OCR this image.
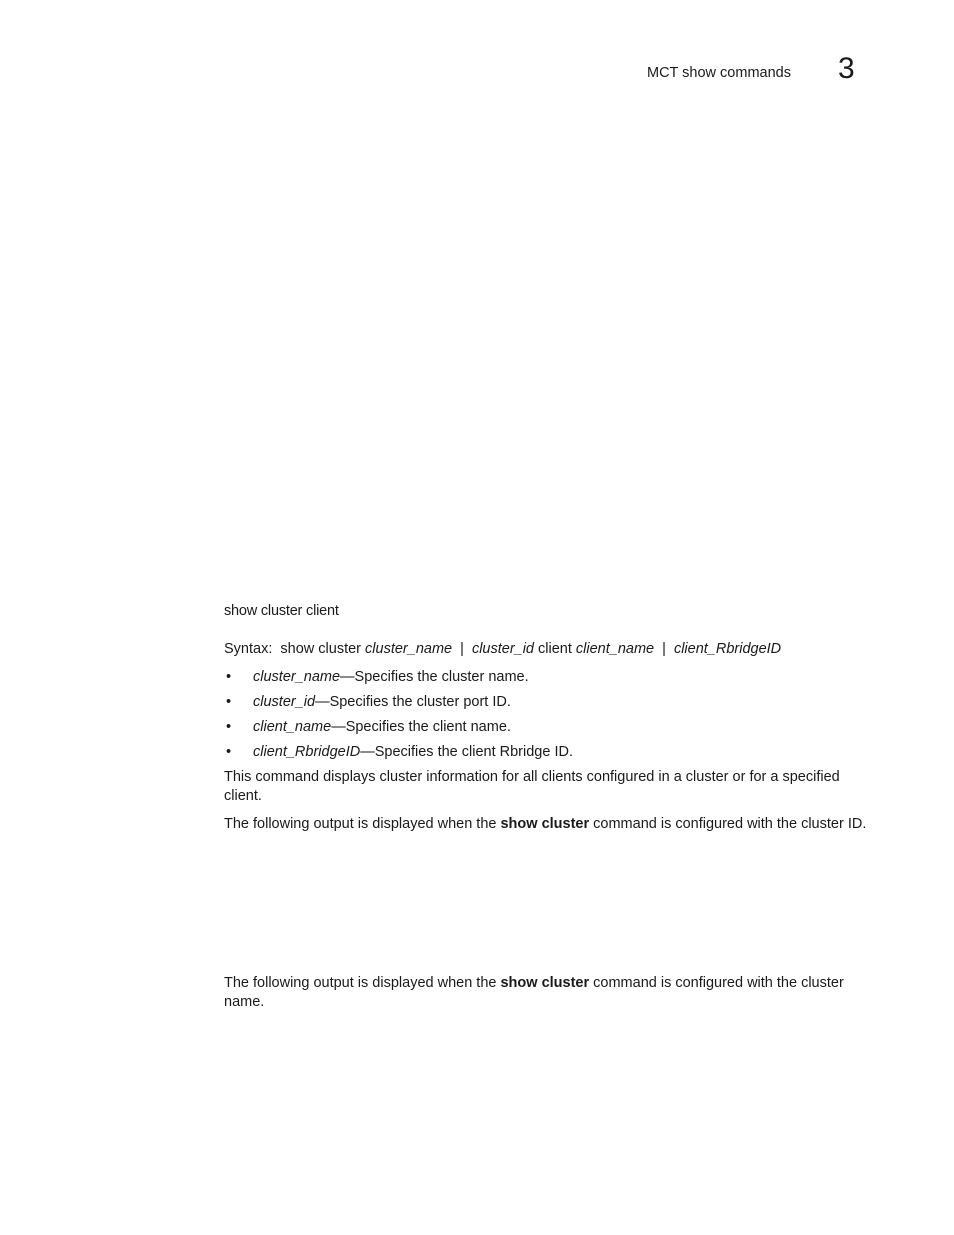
MCT show commands 3
show cluster client
Syntax: show cluster cluster_name | cluster_id client client_name | client_RbridgeID
• cluster_name—Specifies the cluster name.
• cluster_id—Specifies the cluster port ID.
• client_name—Specifies the client name.
• client_RbridgeID—Specifies the client Rbridge ID.

This command displays cluster information for all clients configured in a cluster or for a specified client.

The following output is displayed when the show cluster command is configured with the cluster ID.

The following output is displayed when the show cluster command is configured with the cluster name.
